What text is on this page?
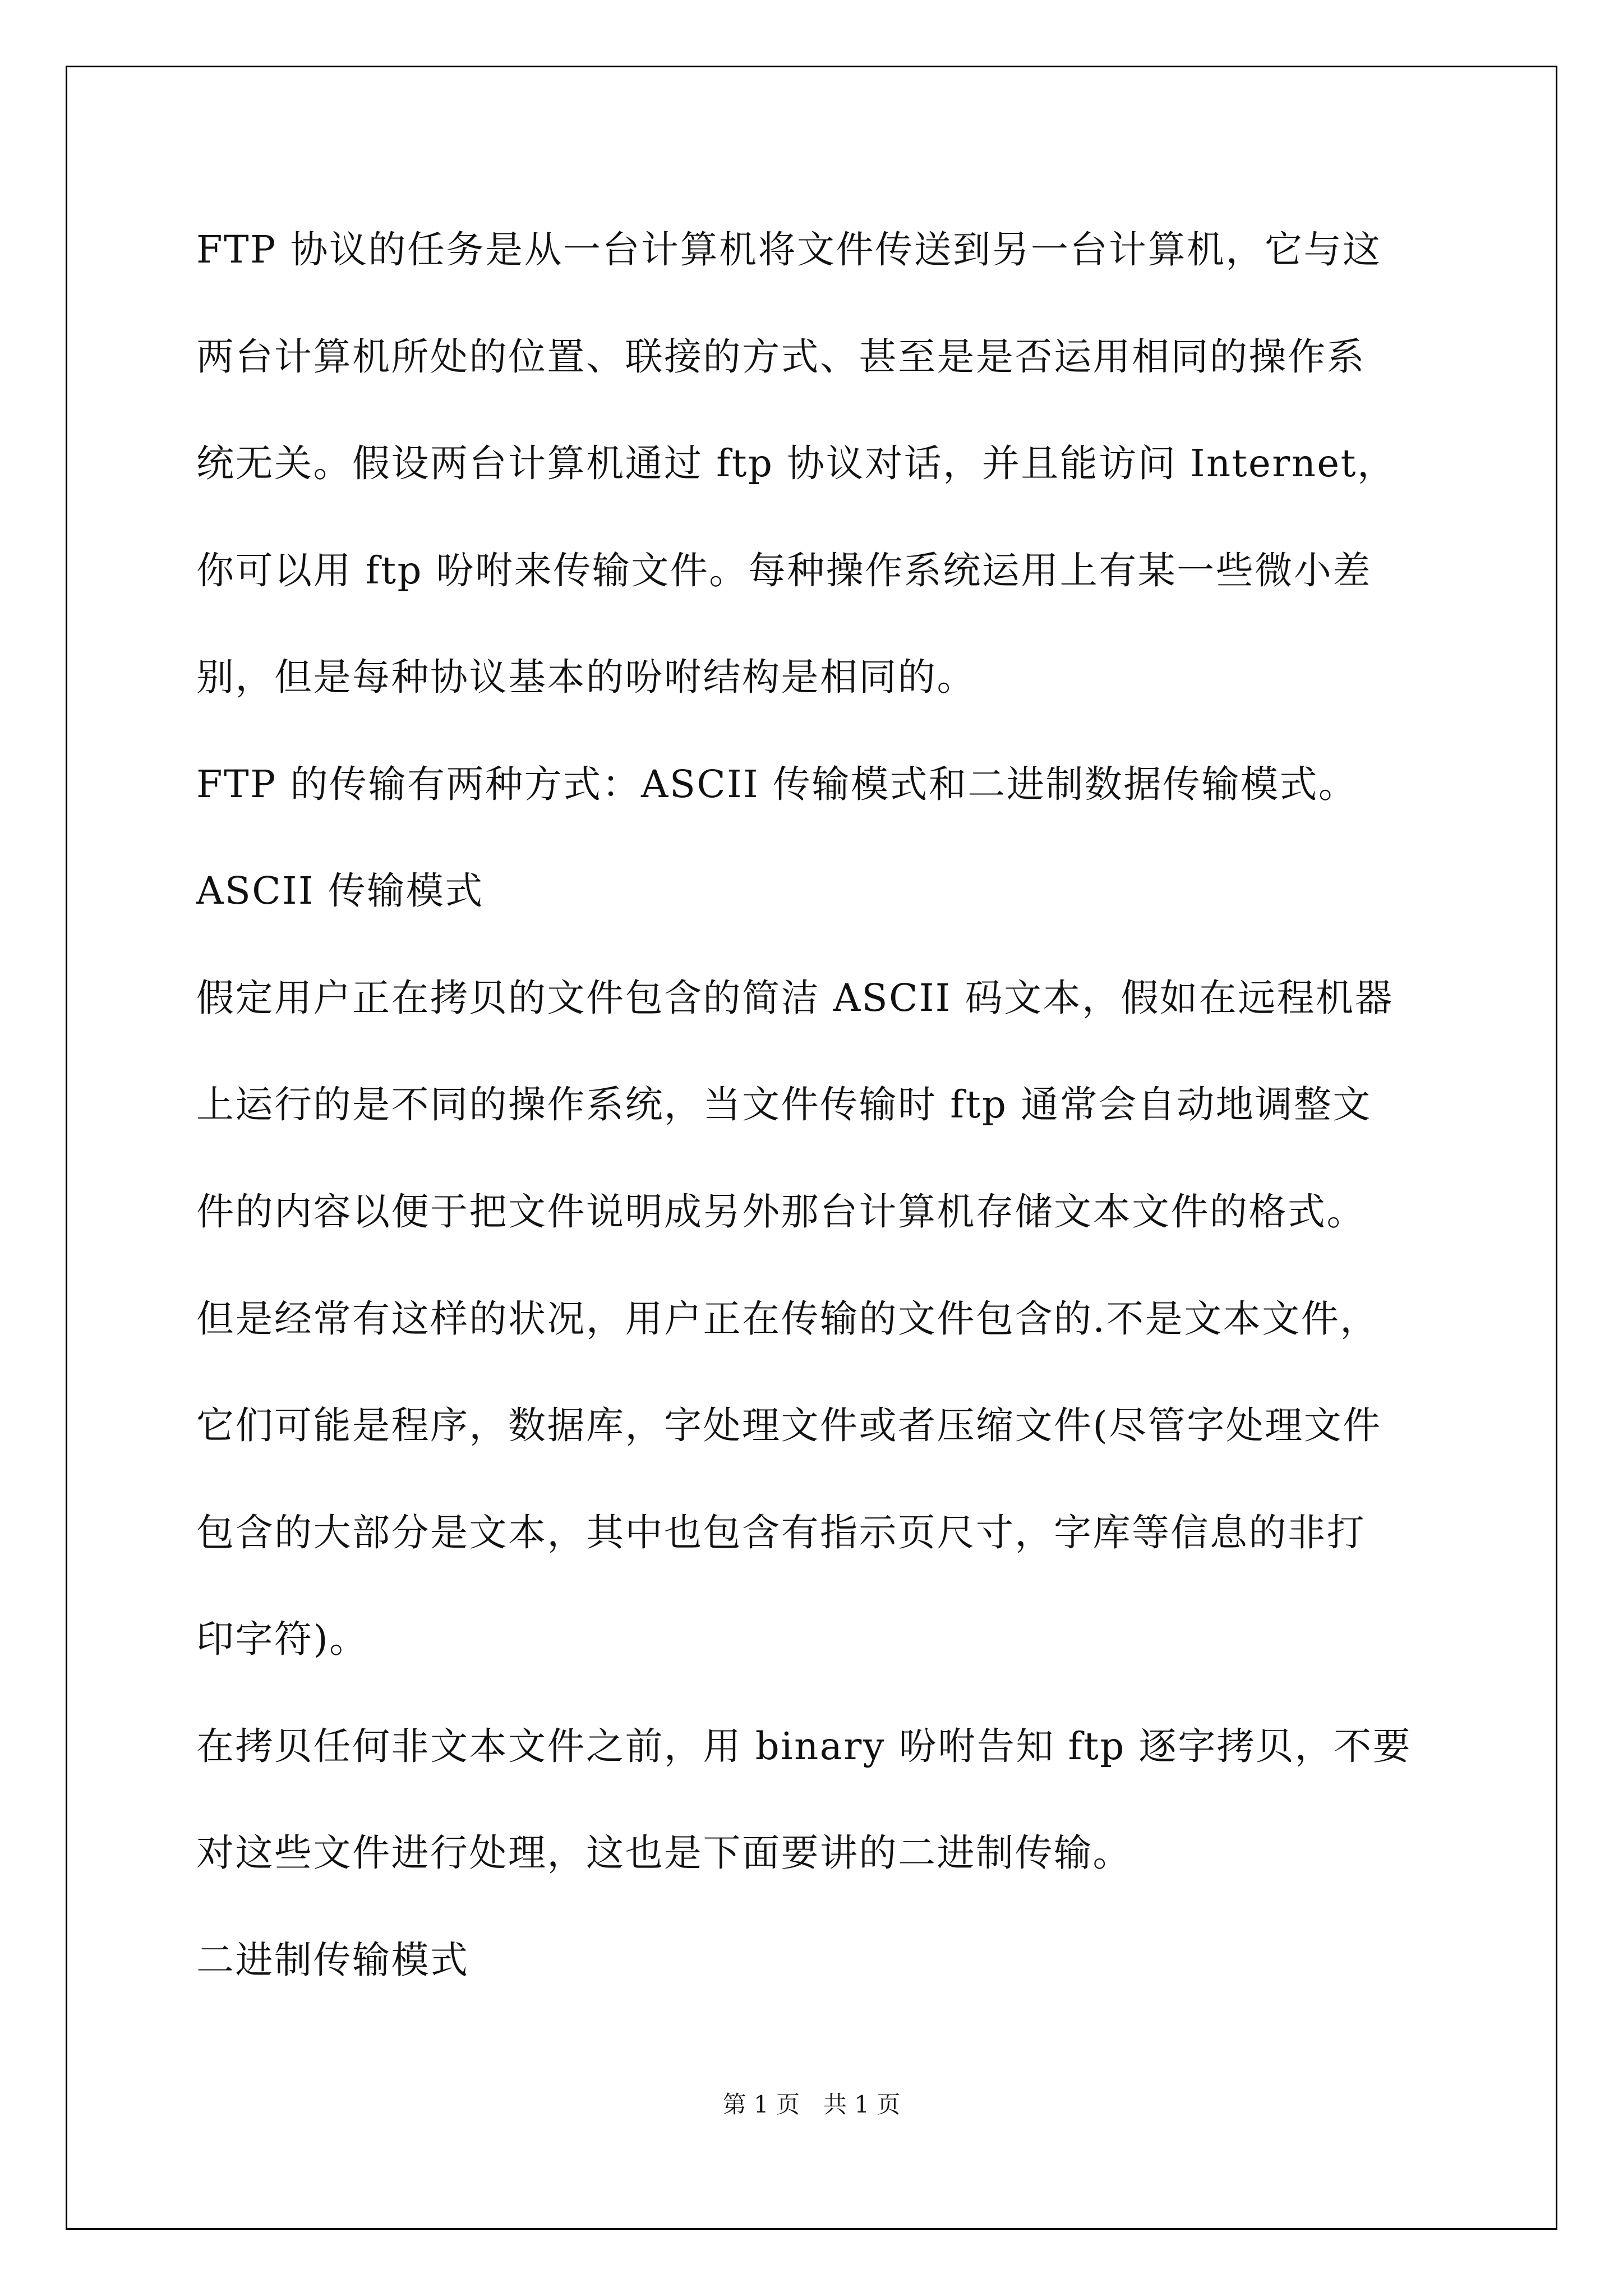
FTP 协议的任务是从一台计算机将文件传送到另一台计算机，它与这
两台计算机所处的位置、联接的方式、甚至是是否运用相同的操作系
统无关。假设两台计算机通过 ftp 协议对话，并且能访问 Internet，
你可以用 ftp 吩咐来传输文件。每种操作系统运用上有某一些微小差
别，但是每种协议基本的吩咐结构是相同的。
FTP 的传输有两种方式：ASCII 传输模式和二进制数据传输模式。
ASCII 传输模式
假定用户正在拷贝的文件包含的简洁 ASCII 码文本，假如在远程机器
上运行的是不同的操作系统，当文件传输时 ftp 通常会自动地调整文
件的内容以便于把文件说明成另外那台计算机存储文本文件的格式。
但是经常有这样的状况，用户正在传输的文件包含的.不是文本文件，
它们可能是程序，数据库，字处理文件或者压缩文件(尽管字处理文件
包含的大部分是文本，其中也包含有指示页尺寸，字库等信息的非打
印字符)。
在拷贝任何非文本文件之前，用 binary 吩咐告知 ftp 逐字拷贝，不要
对这些文件进行处理，这也是下面要讲的二进制传输。
二进制传输模式
第 1 页　共 1 页
